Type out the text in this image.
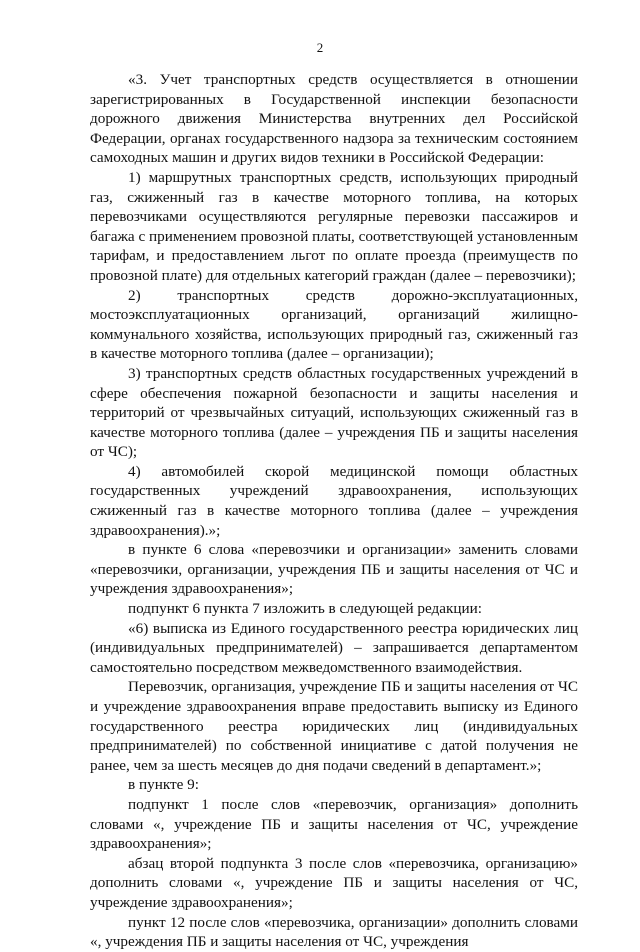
2

«3. Учет транспортных средств осуществляется в отношении зарегистрированных в Государственной инспекции безопасности дорожного движения Министерства внутренних дел Российской Федерации, органах государственного надзора за техническим состоянием самоходных машин и других видов техники в Российской Федерации:

1) маршрутных транспортных средств, использующих природный газ, сжиженный газ в качестве моторного топлива, на которых перевозчиками осуществляются регулярные перевозки пассажиров и багажа с применением провозной платы, соответствующей установленным тарифам, и предоставлением льгот по оплате проезда (преимуществ по провозной плате) для отдельных категорий граждан (далее – перевозчики);

2) транспортных средств дорожно-эксплуатационных, мостоэксплуатационных организаций, организаций жилищно-коммунального хозяйства, использующих природный газ, сжиженный газ в качестве моторного топлива (далее – организации);

3) транспортных средств областных государственных учреждений в сфере обеспечения пожарной безопасности и защиты населения и территорий от чрезвычайных ситуаций, использующих сжиженный газ в качестве моторного топлива (далее – учреждения ПБ и защиты населения от ЧС);

4) автомобилей скорой медицинской помощи областных государственных учреждений здравоохранения, использующих сжиженный газ в качестве моторного топлива (далее – учреждения здравоохранения).»;

в пункте 6 слова «перевозчики и организации» заменить словами «перевозчики, организации, учреждения ПБ и защиты населения от ЧС и учреждения здравоохранения»;

подпункт 6 пункта 7 изложить в следующей редакции:

«6) выписка из Единого государственного реестра юридических лиц (индивидуальных предпринимателей) – запрашивается департаментом самостоятельно посредством межведомственного взаимодействия.

Перевозчик, организация, учреждение ПБ и защиты населения от ЧС и учреждение здравоохранения вправе предоставить выписку из Единого государственного реестра юридических лиц (индивидуальных предпринимателей) по собственной инициативе с датой получения не ранее, чем за шесть месяцев до дня подачи сведений в департамент.»;

в пункте 9:

подпункт 1 после слов «перевозчик, организация» дополнить словами «, учреждение ПБ и защиты населения от ЧС, учреждение здравоохранения»;

абзац второй подпункта 3 после слов «перевозчика, организацию» дополнить словами «, учреждение ПБ и защиты населения от ЧС, учреждение здравоохранения»;

пункт 12 после слов «перевозчика, организации» дополнить словами «, учреждения ПБ и защиты населения от ЧС, учреждения
